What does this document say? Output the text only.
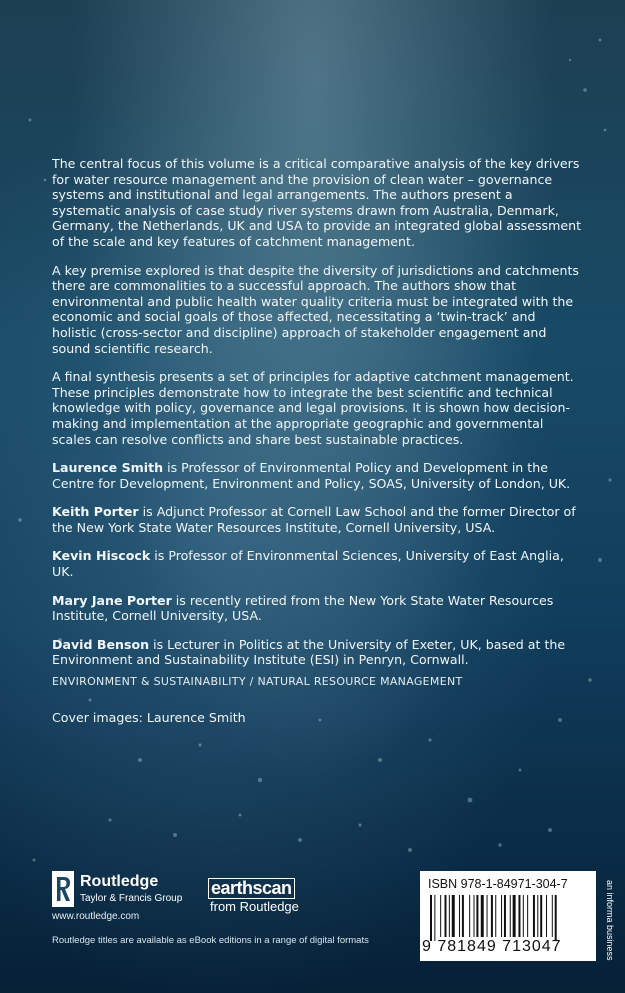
The central focus of this volume is a critical comparative analysis of the key drivers for water resource management and the provision of clean water – governance systems and institutional and legal arrangements. The authors present a systematic analysis of case study river systems drawn from Australia, Denmark, Germany, the Netherlands, UK and USA to provide an integrated global assessment of the scale and key features of catchment management.

A key premise explored is that despite the diversity of jurisdictions and catchments there are commonalities to a successful approach. The authors show that environmental and public health water quality criteria must be integrated with the economic and social goals of those affected, necessitating a ‘twin-track’ and holistic (cross-sector and discipline) approach of stakeholder engagement and sound scientific research.

A final synthesis presents a set of principles for adaptive catchment management. These principles demonstrate how to integrate the best scientific and technical knowledge with policy, governance and legal provisions. It is shown how decision-making and implementation at the appropriate geographic and governmental scales can resolve conflicts and share best sustainable practices.

Laurence Smith is Professor of Environmental Policy and Development in the Centre for Development, Environment and Policy, SOAS, University of London, UK.

Keith Porter is Adjunct Professor at Cornell Law School and the former Director of the New York State Water Resources Institute, Cornell University, USA.

Kevin Hiscock is Professor of Environmental Sciences, University of East Anglia, UK.

Mary Jane Porter is recently retired from the New York State Water Resources Institute, Cornell University, USA.

David Benson is Lecturer in Politics at the University of Exeter, UK, based at the Environment and Sustainability Institute (ESI) in Penryn, Cornwall.

ENVIRONMENT & SUSTAINABILITY / NATURAL RESOURCE MANAGEMENT
Cover images: Laurence Smith
Routledge
Taylor & Francis Group
www.routledge.com
earthscan
from Routledge
Routledge titles are available as eBook editions in a range of digital formats
ISBN 978-1-84971-304-7
9 781849 713047	an informa business
